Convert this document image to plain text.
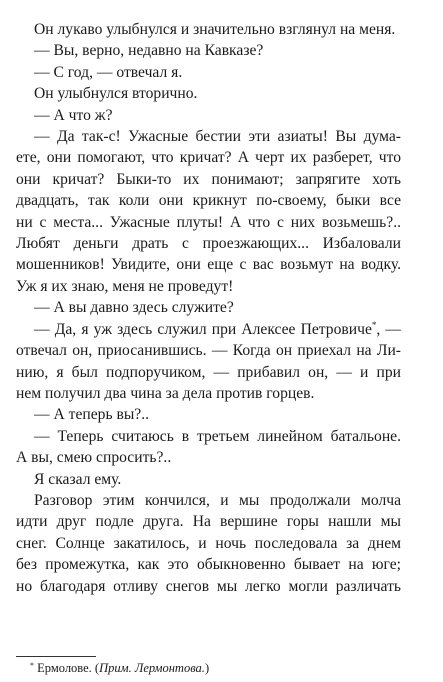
Он лукаво улыбнулся и значительно взглянул на меня.

— Вы, верно, недавно на Кавказе?

— С год, — отвечал я.

Он улыбнулся вторично.

— А что ж?

— Да так-с! Ужасные бестии эти азиаты! Вы дума-
ете, они помогают, что кричат? А черт их разберет, что
они кричат? Быки-то их понимают; запрягите хоть
двадцать, так коли они крикнут по-своему, быки все
ни с места... Ужасные плуты! А что с них возьмешь?..
Любят деньги драть с проезжающих... Избаловали
мошенников! Увидите, они еще с вас возьмут на водку.
Уж я их знаю, меня не проведут!

— А вы давно здесь служите?

— Да, я уж здесь служил при Алексее Петровиче*, —
отвечал он, приосанившись. — Когда он приехал на Ли-
нию, я был подпоручиком, — прибавил он, — и при
нем получил два чина за дела против горцев.

— А теперь вы?..

— Теперь считаюсь в третьем линейном батальоне.
А вы, смею спросить?..

Я сказал ему.

Разговор этим кончился, и мы продолжали молча
идти друг подле друга. На вершине горы нашли мы
снег. Солнце закатилось, и ночь последовала за днем
без промежутка, как это обыкновенно бывает на юге;
но благодаря отливу снегов мы легко могли различать

* Ермолове. (Прим. Лермонтова.)
